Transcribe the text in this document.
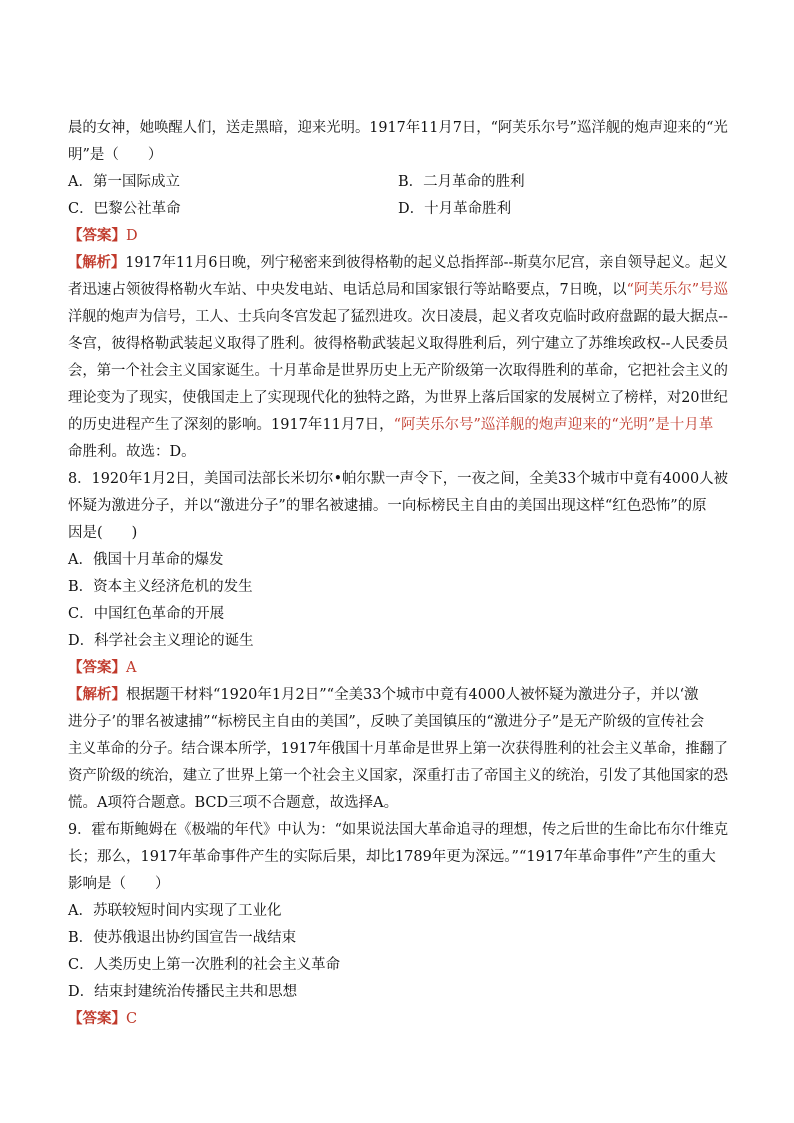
晨的女神，她唤醒人们，送走黑暗，迎来光明。1917年11月7日，“阿芙乐尔号”巡洋舰的炮声迎来的“光
明”是（　　）
A．第一国际成立	B．二月革命的胜利
C．巴黎公社革命	D．十月革命胜利
【答案】D
【解析】1917年11月6日晚，列宁秘密来到彼得格勒的起义总指挥部--斯莫尔尼宫，亲自领导起义。起义
者迅速占领彼得格勒火车站、中央发电站、电话总局和国家银行等站略要点，7日晚，以“阿芙乐尔”号巡
洋舰的炮声为信号，工人、士兵向冬宫发起了猛烈进攻。次日凌晨，起义者攻克临时政府盘踞的最大据点--
冬宫，彼得格勒武装起义取得了胜利。彼得格勒武装起义取得胜利后，列宁建立了苏维埃政权--人民委员
会，第一个社会主义国家诞生。十月革命是世界历史上无产阶级第一次取得胜利的革命，它把社会主义的
理论变为了现实，使俄国走上了实现现代化的独特之路，为世界上落后国家的发展树立了榜样，对20世纪
的历史进程产生了深刻的影响。1917年11月7日，“阿芙乐尔号”巡洋舰的炮声迎来的“光明”是十月革
命胜利。故选：D。
8．1920年1月2日，美国司法部长米切尔•帕尔默一声令下，一夜之间，全美33个城市中竟有4000人被
怀疑为激进分子，并以“激进分子”的罪名被逮捕。一向标榜民主自由的美国出现这样“红色恐怖”的原
因是(　　)
A．俄国十月革命的爆发
B．资本主义经济危机的发生
C．中国红色革命的开展
D．科学社会主义理论的诞生
【答案】A
【解析】根据题干材料“1920年1月2日”“全美33个城市中竟有4000人被怀疑为激进分子，并以‘激
进分子’的罪名被逮捕”“标榜民主自由的美国”，反映了美国镇压的“激进分子”是无产阶级的宣传社会
主义革命的分子。结合课本所学，1917年俄国十月革命是世界上第一次获得胜利的社会主义革命，推翻了
资产阶级的统治，建立了世界上第一个社会主义国家，深重打击了帝国主义的统治，引发了其他国家的恐
慌。A项符合题意。BCD三项不合题意，故选择A。
9．霍布斯鲍姆在《极端的年代》中认为：“如果说法国大革命追寻的理想，传之后世的生命比布尔什维克
长；那么，1917年革命事件产生的实际后果，却比1789年更为深远。”“1917年革命事件”产生的重大
影响是（　　）
A．苏联较短时间内实现了工业化
B．使苏俄退出协约国宣告一战结束
C．人类历史上第一次胜利的社会主义革命
D．结束封建统治传播民主共和思想
【答案】C
